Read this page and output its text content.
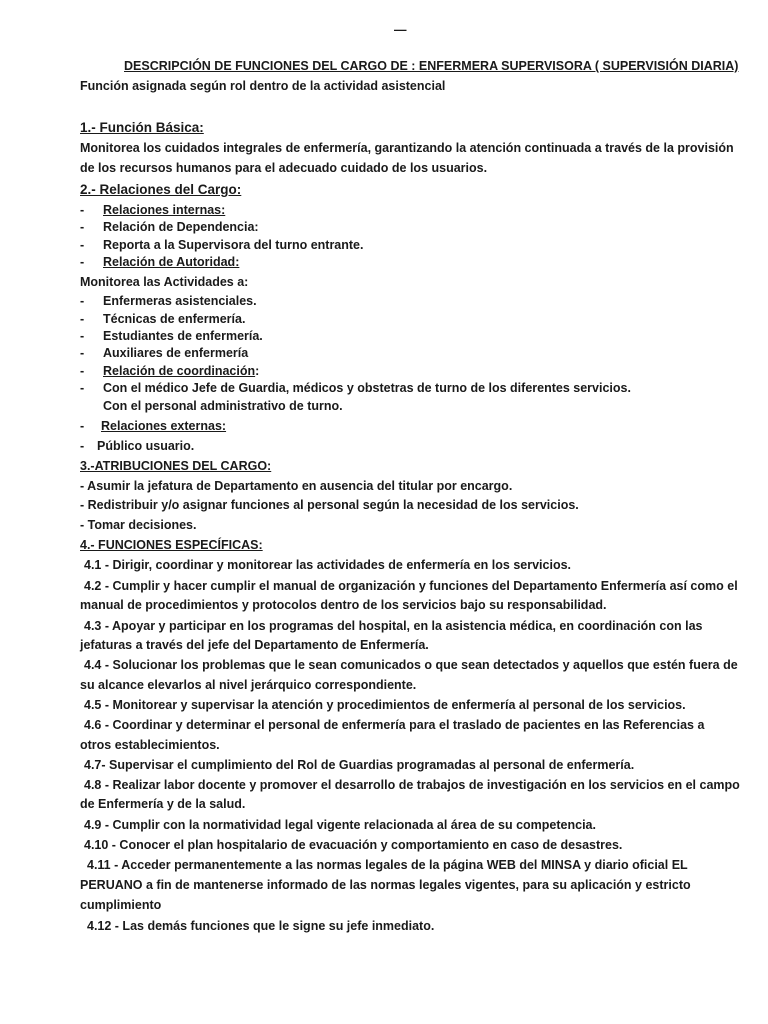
—
DESCRIPCIÓN DE FUNCIONES DEL CARGO DE : ENFERMERA SUPERVISORA ( SUPERVISIÓN DIARIA)
Función asignada según rol dentro de la actividad asistencial
1.- Función Básica:
Monitorea los cuidados integrales de enfermería, garantizando la atención continuada a través de la provisión
de los recursos humanos para el adecuado cuidado de los usuarios.
2.- Relaciones del Cargo:
- Relaciones internas:
- Relación de Dependencia:
- Reporta a la Supervisora del turno entrante.
- Relación de Autoridad:
Monitorea las Actividades a:
- Enfermeras asistenciales.
- Técnicas de enfermería.
- Estudiantes de enfermería.
- Auxiliares de enfermería
- Relación de coordinación:
- Con el médico Jefe de Guardia, médicos y obstetras de turno de los diferentes servicios.
Con el personal administrativo de turno.
- Relaciones externas:
- Público usuario.
3.-ATRIBUCIONES DEL CARGO:
- Asumir la jefatura de Departamento en ausencia del titular por encargo.
- Redistribuir y/o asignar funciones al personal según la necesidad de los servicios.
- Tomar decisiones.
4.- FUNCIONES ESPECÍFICAS:
4.1 - Dirigir, coordinar y monitorear las actividades de enfermería en los servicios.
4.2 - Cumplir y hacer cumplir el manual de organización y funciones del Departamento Enfermería así como el
manual de procedimientos y protocolos dentro de los servicios bajo su responsabilidad.
4.3 - Apoyar y participar en los programas del hospital, en la asistencia médica, en coordinación con las
jefaturas a través del jefe del Departamento de Enfermería.
4.4 - Solucionar los problemas que le sean comunicados o que sean detectados y aquellos que estén fuera de
su alcance elevarlos al nivel jerárquico correspondiente.
4.5 - Monitorear y supervisar la atención y procedimientos de enfermería al personal de los servicios.
4.6 - Coordinar y determinar el personal de enfermería para el traslado de pacientes en las Referencias a
otros establecimientos.
4.7- Supervisar el cumplimiento del Rol de Guardias programadas al personal de enfermería.
4.8 - Realizar labor docente y promover el desarrollo de trabajos de investigación en los servicios en el campo
de Enfermería y de la salud.
4.9 - Cumplir con la normatividad legal vigente relacionada al área de su competencia.
4.10 - Conocer el plan hospitalario de evacuación y comportamiento en caso de desastres.
4.11 - Acceder permanentemente a las normas legales de la página WEB del MINSA y diario oficial EL
PERUANO a fin de mantenerse informado de las normas legales vigentes, para su aplicación y estricto
cumplimiento
4.12 - Las demás funciones que le signe su jefe inmediato.
